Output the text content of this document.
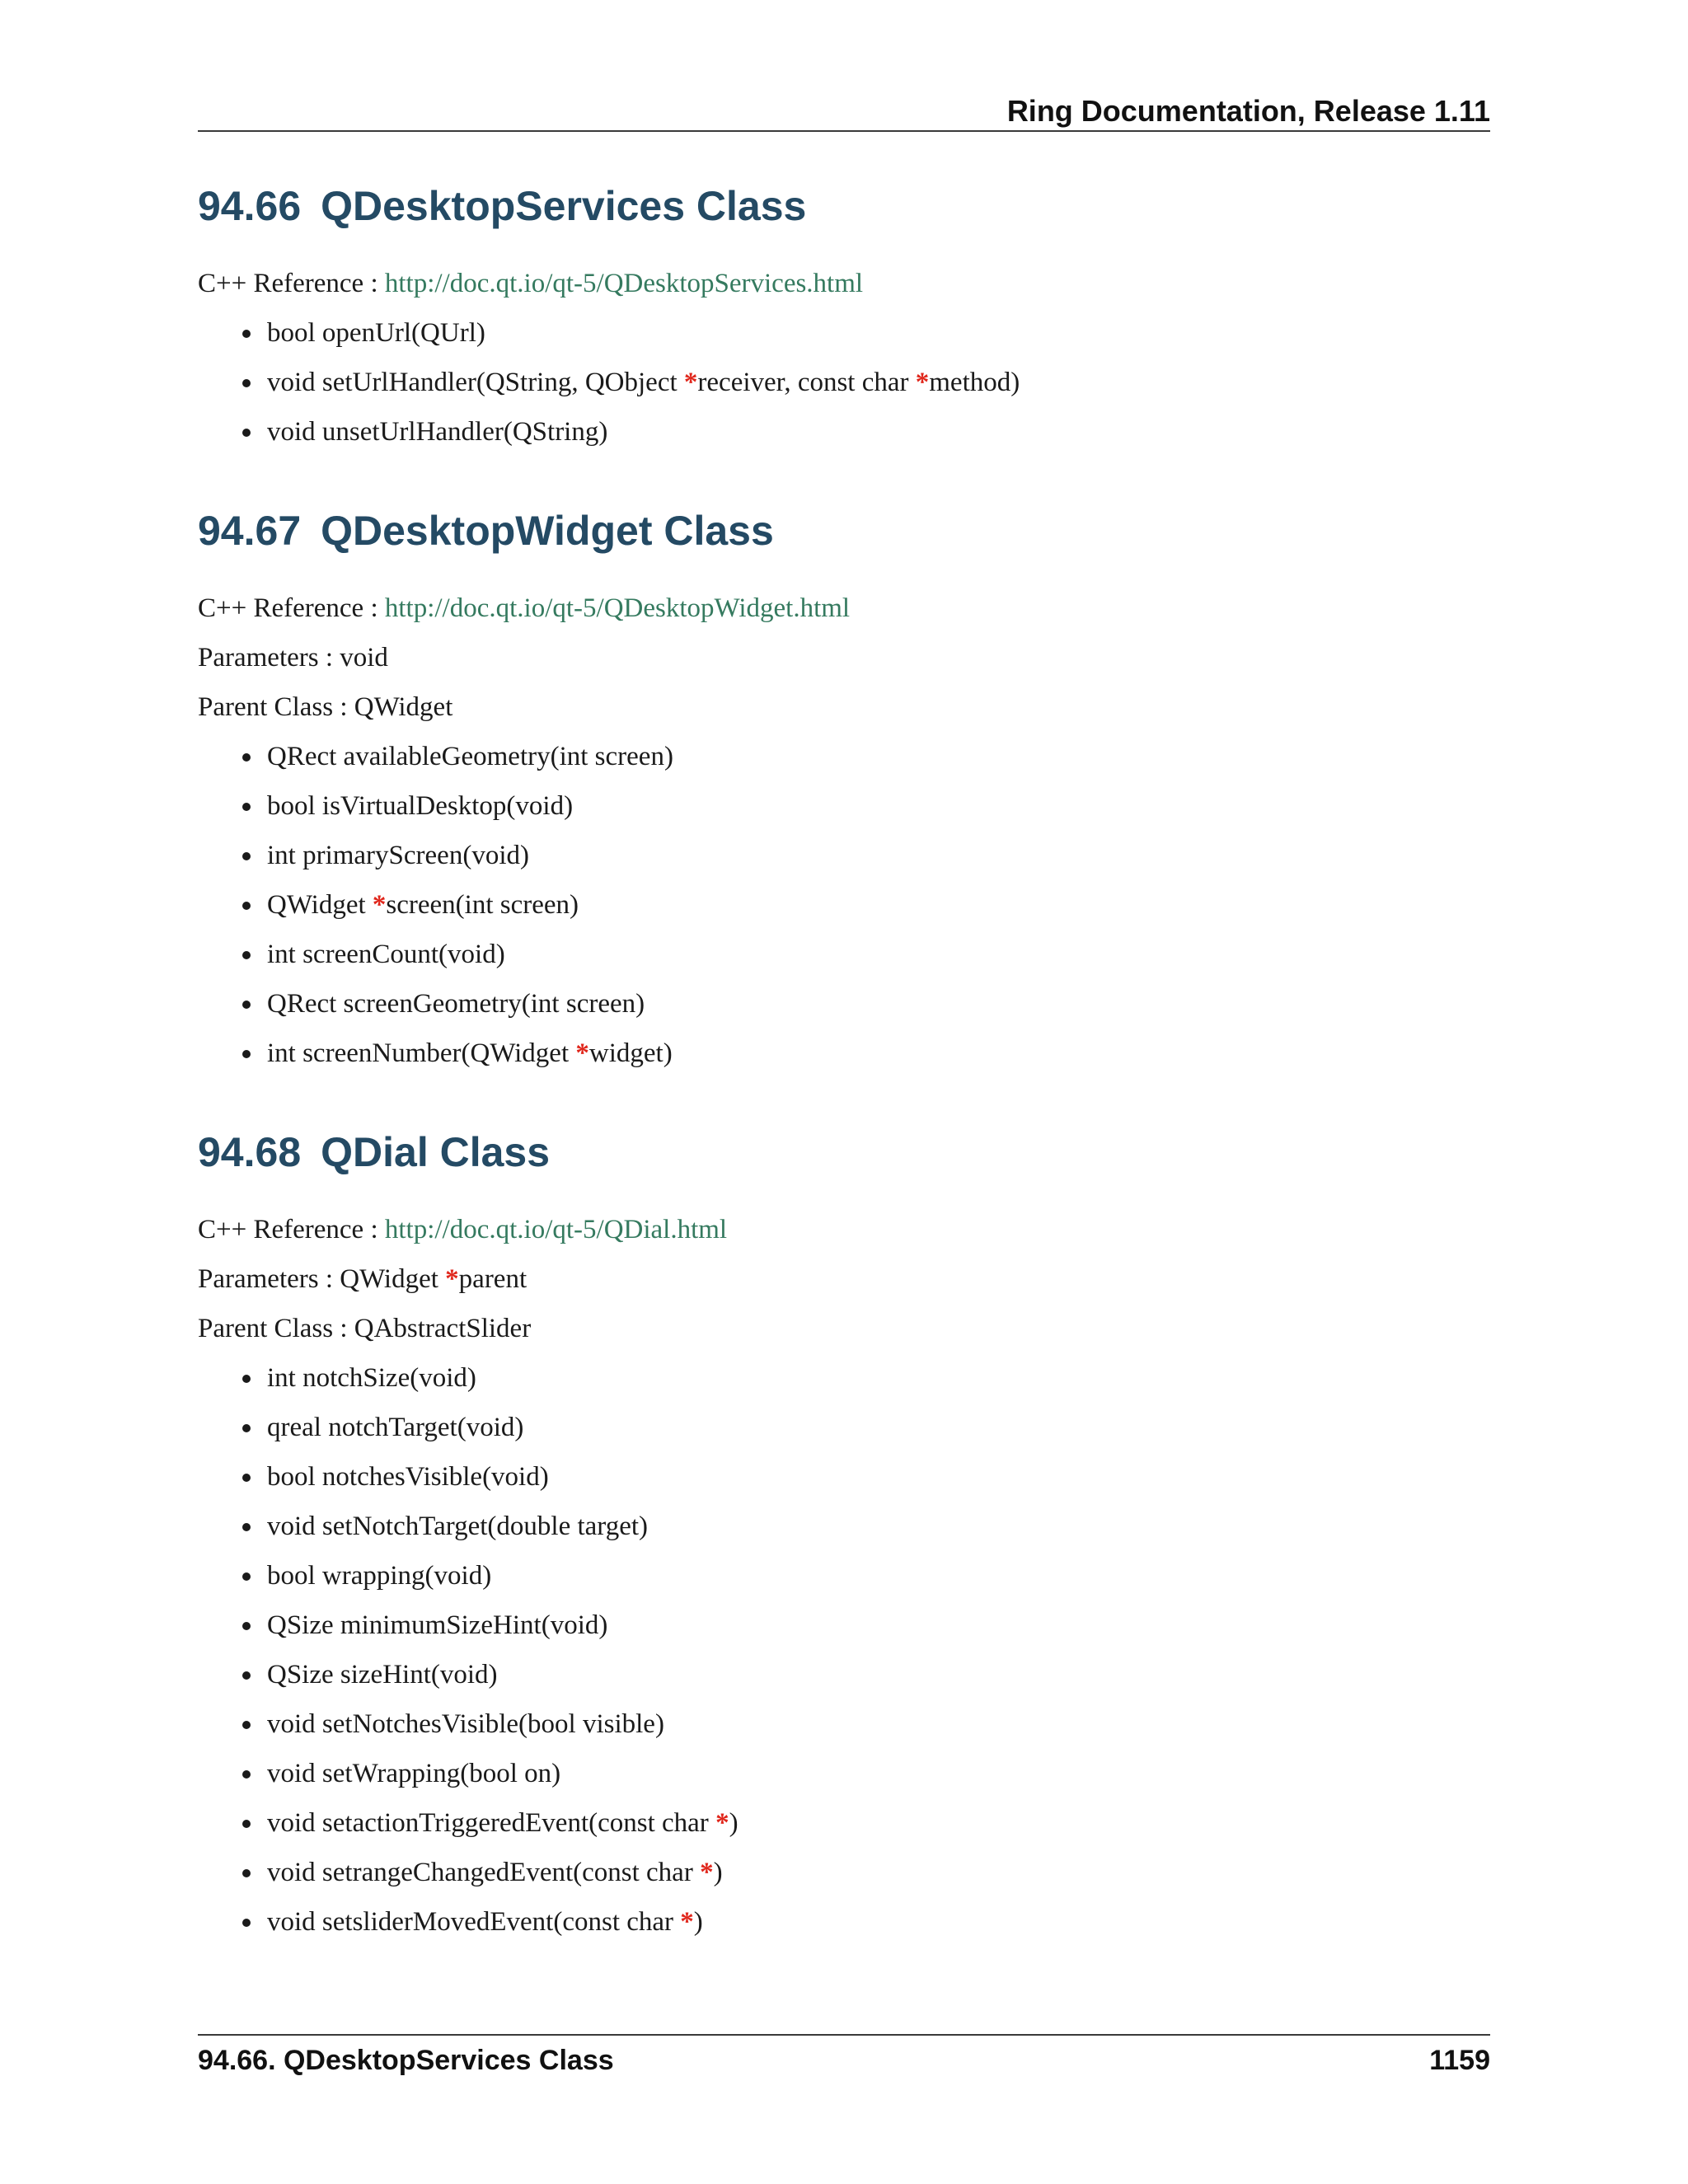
Ring Documentation, Release 1.11
94.66 QDesktopServices Class

C++ Reference : http://doc.qt.io/qt-5/QDesktopServices.html

bool openUrl(QUrl)
void setUrlHandler(QString, QObject *receiver, const char *method)
void unsetUrlHandler(QString)
94.67 QDesktopWidget Class

C++ Reference : http://doc.qt.io/qt-5/QDesktopWidget.html

Parameters : void

Parent Class : QWidget

QRect availableGeometry(int screen)
bool isVirtualDesktop(void)
int primaryScreen(void)
QWidget *screen(int screen)
int screenCount(void)
QRect screenGeometry(int screen)
int screenNumber(QWidget *widget)
94.68 QDial Class

C++ Reference : http://doc.qt.io/qt-5/QDial.html

Parameters : QWidget *parent

Parent Class : QAbstractSlider

int notchSize(void)
qreal notchTarget(void)
bool notchesVisible(void)
void setNotchTarget(double target)
bool wrapping(void)
QSize minimumSizeHint(void)
QSize sizeHint(void)
void setNotchesVisible(bool visible)
void setWrapping(bool on)
void setactionTriggeredEvent(const char *)
void setrangeChangedEvent(const char *)
void setsliderMovedEvent(const char *)
94.66. QDesktopServices Class	1159
